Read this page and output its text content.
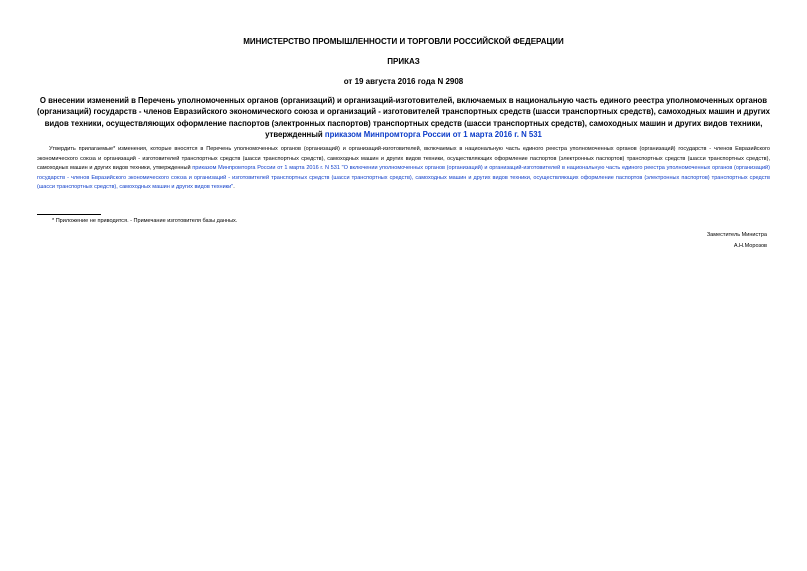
МИНИСТЕРСТВО ПРОМЫШЛЕННОСТИ И ТОРГОВЛИ РОССИЙСКОЙ ФЕДЕРАЦИИ
ПРИКАЗ
от 19 августа 2016 года N 2908
О внесении изменений в Перечень уполномоченных органов (организаций) и организаций-изготовителей, включаемых в национальную часть единого реестра уполномоченных органов (организаций) государств - членов Евразийского экономического союза и организаций - изготовителей транспортных средств (шасси транспортных средств), самоходных машин и других видов техники, осуществляющих оформление паспортов (электронных паспортов) транспортных средств (шасси транспортных средств), самоходных машин и других видов техники, утвержденный приказом Минпромторга России от 1 марта 2016 г. N 531
Утвердить прилагаемые* изменения, которые вносятся в Перечень уполномоченных органов (организаций) и организаций-изготовителей, включаемых в национальную часть единого реестра уполномоченных органов (организаций) государств - членов Евразийского экономического союза и организаций - изготовителей транспортных средств (шасси транспортных средств), самоходных машин и других видов техники, осуществляющих оформление паспортов (электронных паспортов) транспортных средств (шасси транспортных средств), самоходных машин и других видов техники, утвержденный приказом Минпромторга России от 1 марта 2016 г. N 531 "О включении уполномоченных органов (организаций) и организаций-изготовителей в национальную часть единого реестра уполномоченных органов (организаций) государств - членов Евразийского экономического союза и организаций - изготовителей транспортных средств (шасси транспортных средств), самоходных машин и других видов техники, осуществляющих оформление паспортов (электронных паспортов) транспортных средств (шасси транспортных средств), самоходных машин и других видов техники".
* Приложение не приводится. - Примечание изготовителя базы данных.
Заместитель Министра
А.Н.Морозов
